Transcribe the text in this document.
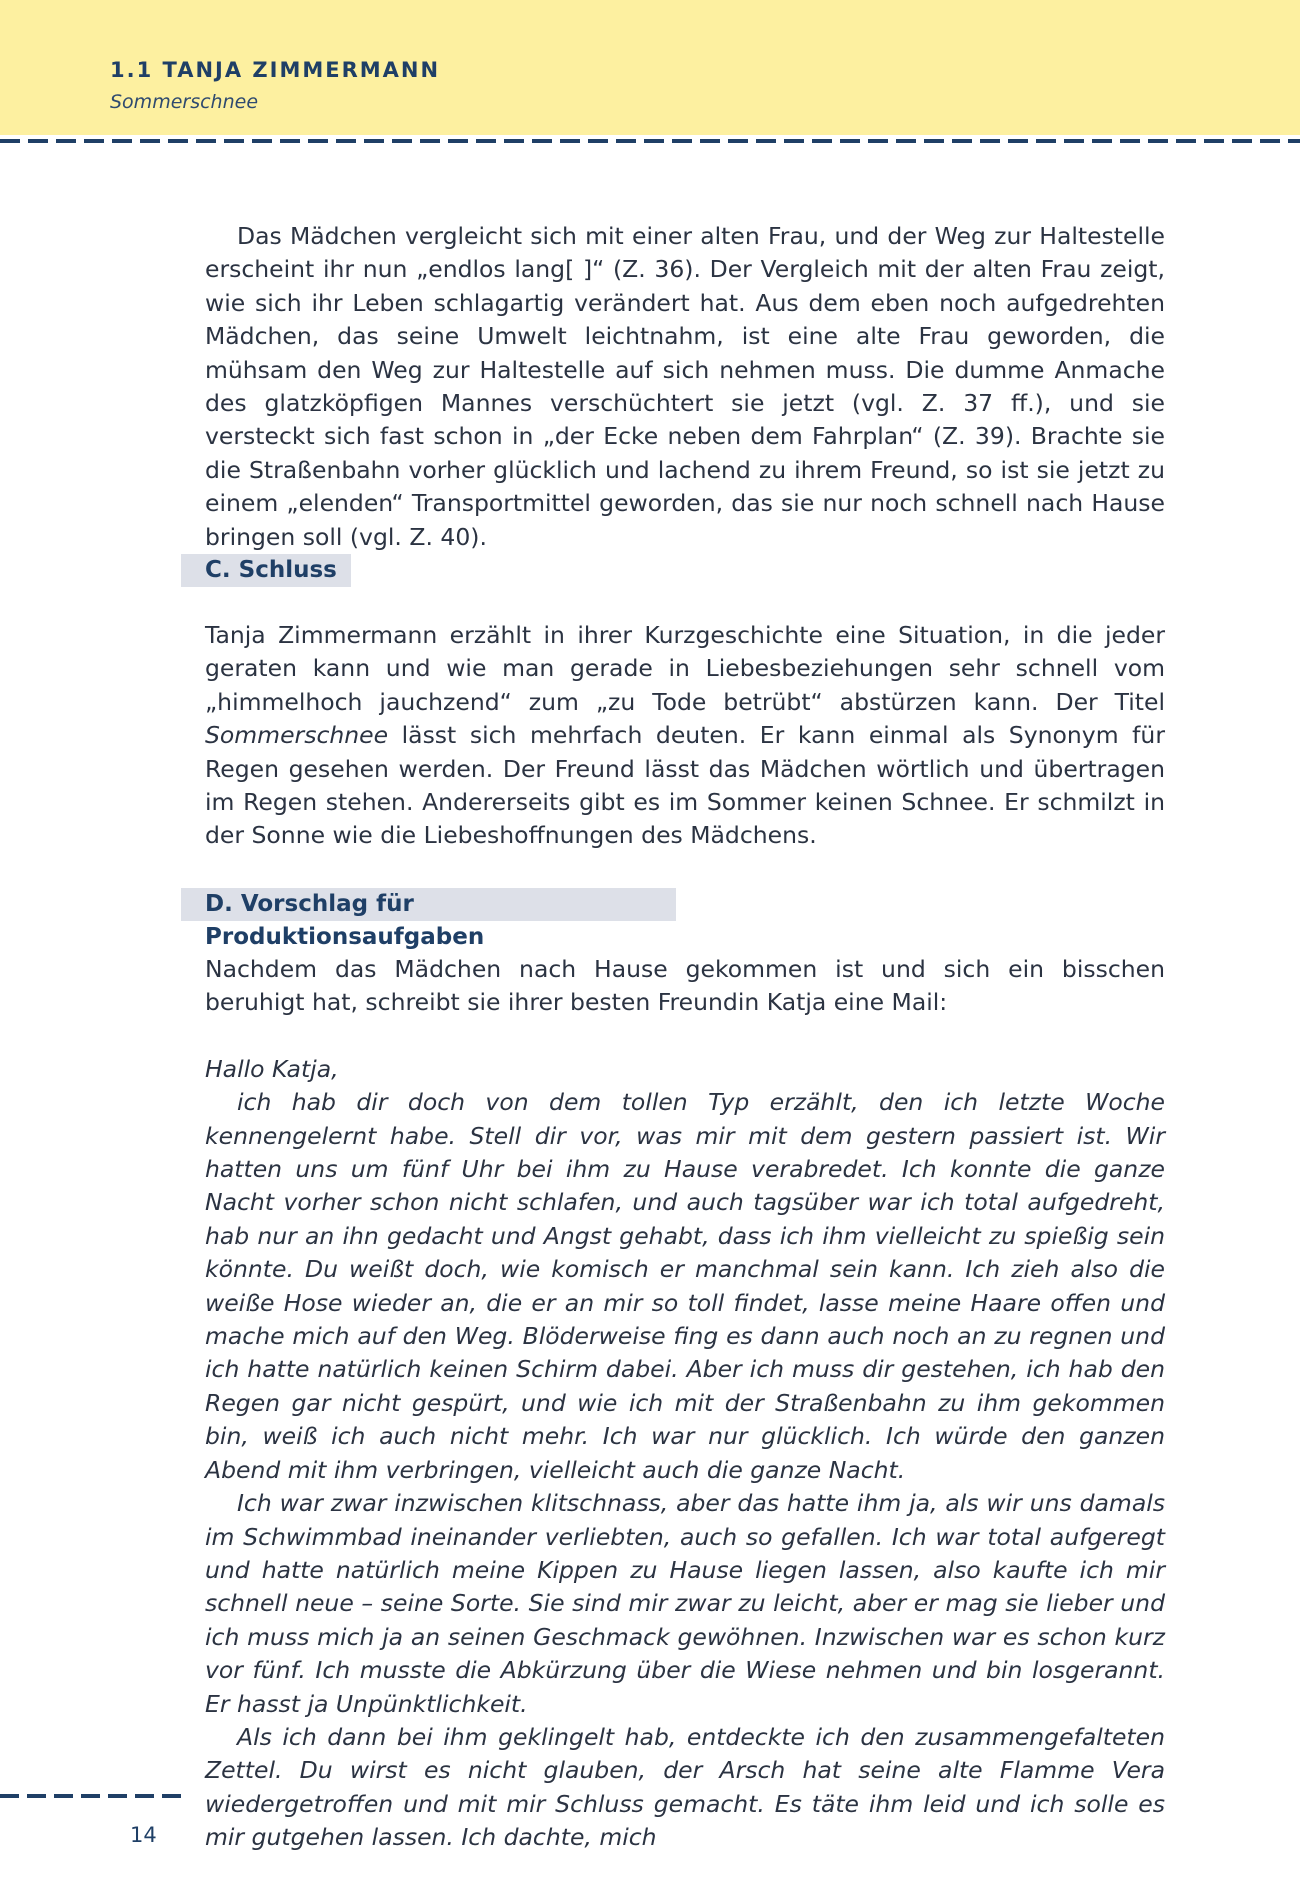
1.1 TANJA ZIMMERMANN
Sommerschnee

Das Mädchen vergleicht sich mit einer alten Frau, und der Weg zur Haltestelle erscheint ihr nun „endlos lang[ ]“ (Z. 36). Der Vergleich mit der alten Frau zeigt, wie sich ihr Leben schlagartig verändert hat. Aus dem eben noch aufgedrehten Mädchen, das seine Umwelt leichtnahm, ist eine alte Frau geworden, die mühsam den Weg zur Haltestelle auf sich nehmen muss. Die dumme Anmache des glatzköpfigen Mannes verschüchtert sie jetzt (vgl. Z. 37 ff.), und sie versteckt sich fast schon in „der Ecke neben dem Fahrplan“ (Z. 39). Brachte sie die Straßenbahn vorher glücklich und lachend zu ihrem Freund, so ist sie jetzt zu einem „elenden“ Transportmittel geworden, das sie nur noch schnell nach Hause bringen soll (vgl. Z. 40).

C. Schluss

Tanja Zimmermann erzählt in ihrer Kurzgeschichte eine Situation, in die jeder geraten kann und wie man gerade in Liebesbeziehungen sehr schnell vom „himmelhoch jauchzend“ zum „zu Tode betrübt“ abstürzen kann. Der Titel Sommerschnee lässt sich mehrfach deuten. Er kann einmal als Synonym für Regen gesehen werden. Der Freund lässt das Mädchen wörtlich und übertragen im Regen stehen. Andererseits gibt es im Sommer keinen Schnee. Er schmilzt in der Sonne wie die Liebeshoffnungen des Mädchens.

D. Vorschlag für Produktionsaufgaben

Nachdem das Mädchen nach Hause gekommen ist und sich ein bisschen beruhigt hat, schreibt sie ihrer besten Freundin Katja eine Mail:

Hallo Katja,

ich hab dir doch von dem tollen Typ erzählt, den ich letzte Woche kennengelernt habe. Stell dir vor, was mir mit dem gestern passiert ist. Wir hatten uns um fünf Uhr bei ihm zu Hause verabredet. Ich konnte die ganze Nacht vorher schon nicht schlafen, und auch tagsüber war ich total aufgedreht, hab nur an ihn gedacht und Angst gehabt, dass ich ihm vielleicht zu spießig sein könnte. Du weißt doch, wie komisch er manchmal sein kann. Ich zieh also die weiße Hose wieder an, die er an mir so toll findet, lasse meine Haare offen und mache mich auf den Weg. Blöderweise fing es dann auch noch an zu regnen und ich hatte natürlich keinen Schirm dabei. Aber ich muss dir gestehen, ich hab den Regen gar nicht gespürt, und wie ich mit der Straßenbahn zu ihm gekommen bin, weiß ich auch nicht mehr. Ich war nur glücklich. Ich würde den ganzen Abend mit ihm verbringen, vielleicht auch die ganze Nacht.

Ich war zwar inzwischen klitschnass, aber das hatte ihm ja, als wir uns damals im Schwimmbad ineinander verliebten, auch so gefallen. Ich war total aufgeregt und hatte natürlich meine Kippen zu Hause liegen lassen, also kaufte ich mir schnell neue – seine Sorte. Sie sind mir zwar zu leicht, aber er mag sie lieber und ich muss mich ja an seinen Geschmack gewöhnen. Inzwischen war es schon kurz vor fünf. Ich musste die Abkürzung über die Wiese nehmen und bin losgerannt. Er hasst ja Unpünktlichkeit.

Als ich dann bei ihm geklingelt hab, entdeckte ich den zusammengefalteten Zettel. Du wirst es nicht glauben, der Arsch hat seine alte Flamme Vera wiedergetroffen und mit mir Schluss gemacht. Es täte ihm leid und ich solle es mir gutgehen lassen. Ich dachte, mich

14
